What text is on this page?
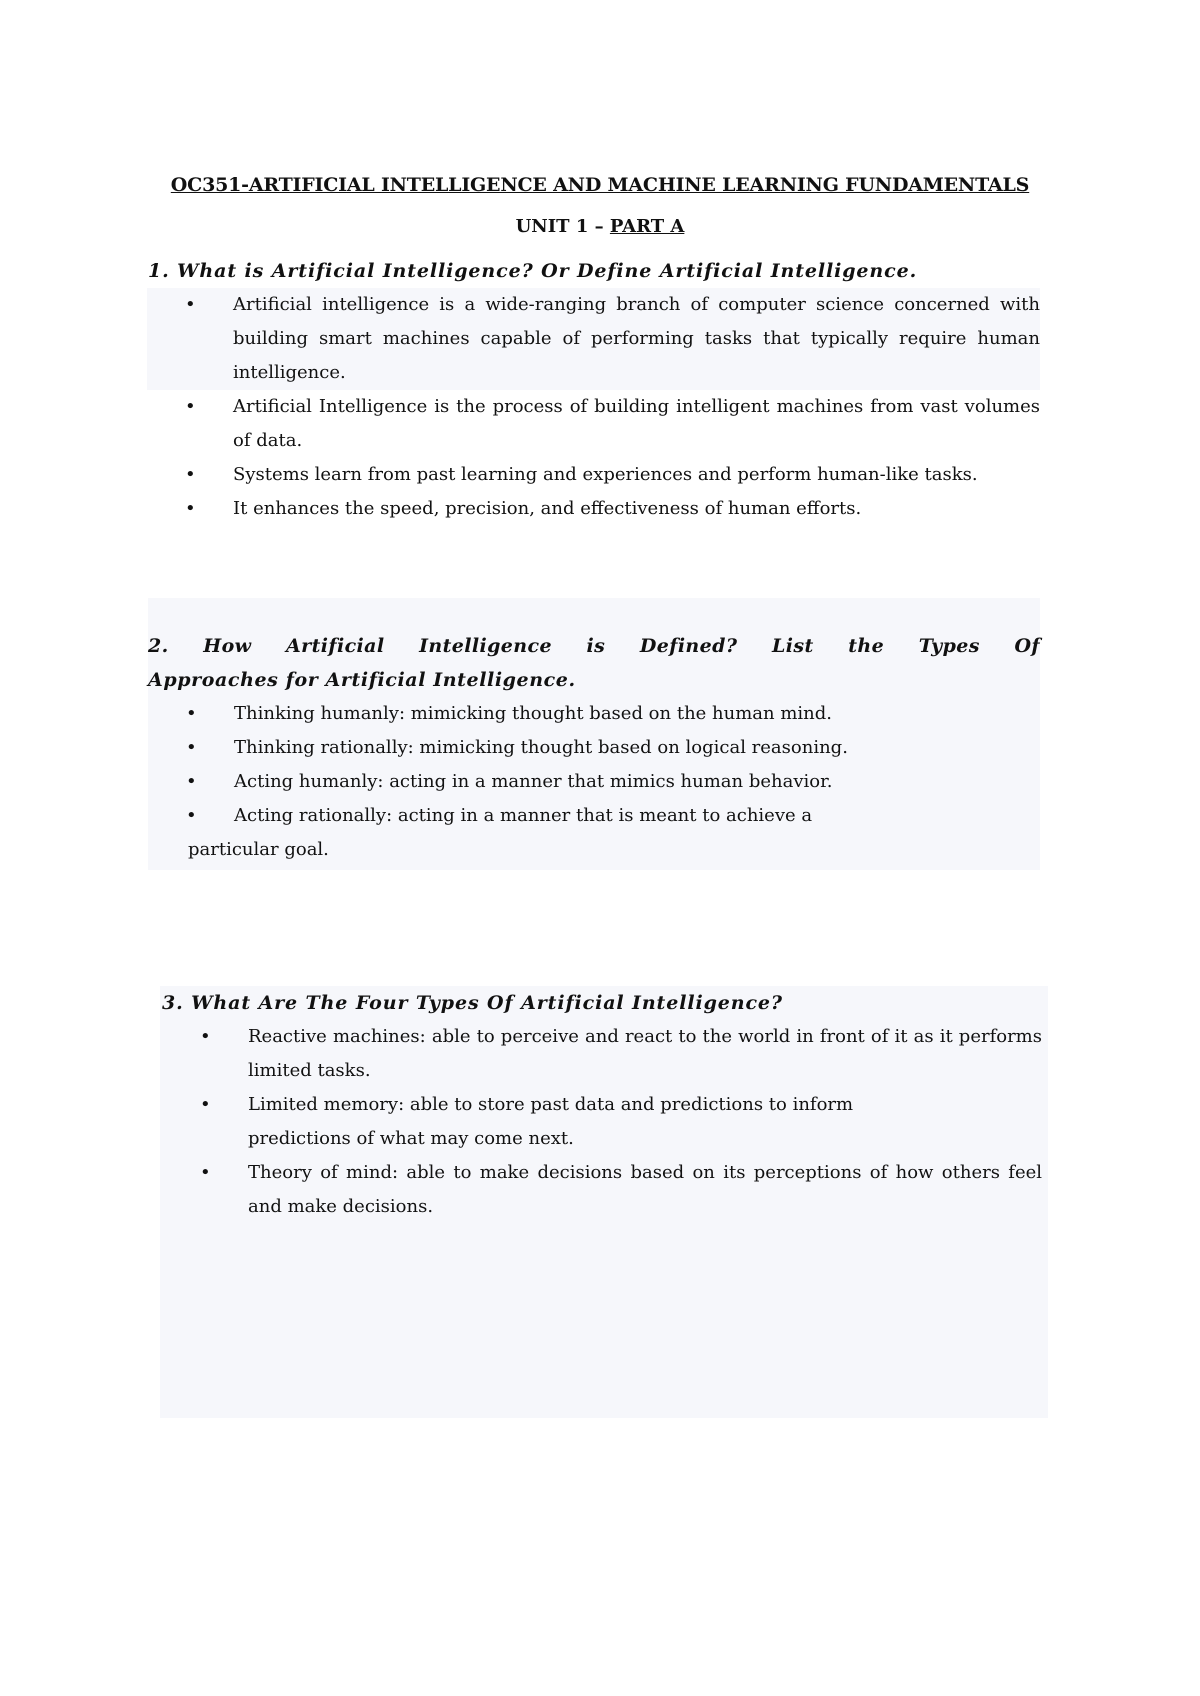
OC351-ARTIFICIAL INTELLIGENCE AND MACHINE LEARNING FUNDAMENTALS

UNIT 1 – PART A

1. What is Artificial Intelligence? Or Define Artificial Intelligence.

• Artificial intelligence is a wide-ranging branch of computer science concerned with building smart machines capable of performing tasks that typically require human intelligence.
• Artificial Intelligence is the process of building intelligent machines from vast volumes of data.
• Systems learn from past learning and experiences and perform human-like tasks.
• It enhances the speed, precision, and effectiveness of human efforts.

2. How Artificial Intelligence is Defined? List the Types Of

Approaches for Artificial Intelligence.

• Thinking humanly: mimicking thought based on the human mind.
• Thinking rationally: mimicking thought based on logical reasoning.
• Acting humanly: acting in a manner that mimics human behavior.
• Acting rationally: acting in a manner that is meant to achieve a
particular goal.

3. What Are The Four Types Of Artificial Intelligence?

• Reactive machines: able to perceive and react to the world in front of it as it performs limited tasks.
• Limited memory: able to store past data and predictions to inform predictions of what may come next.
• Theory of mind: able to make decisions based on its perceptions of how others feel and make decisions.
